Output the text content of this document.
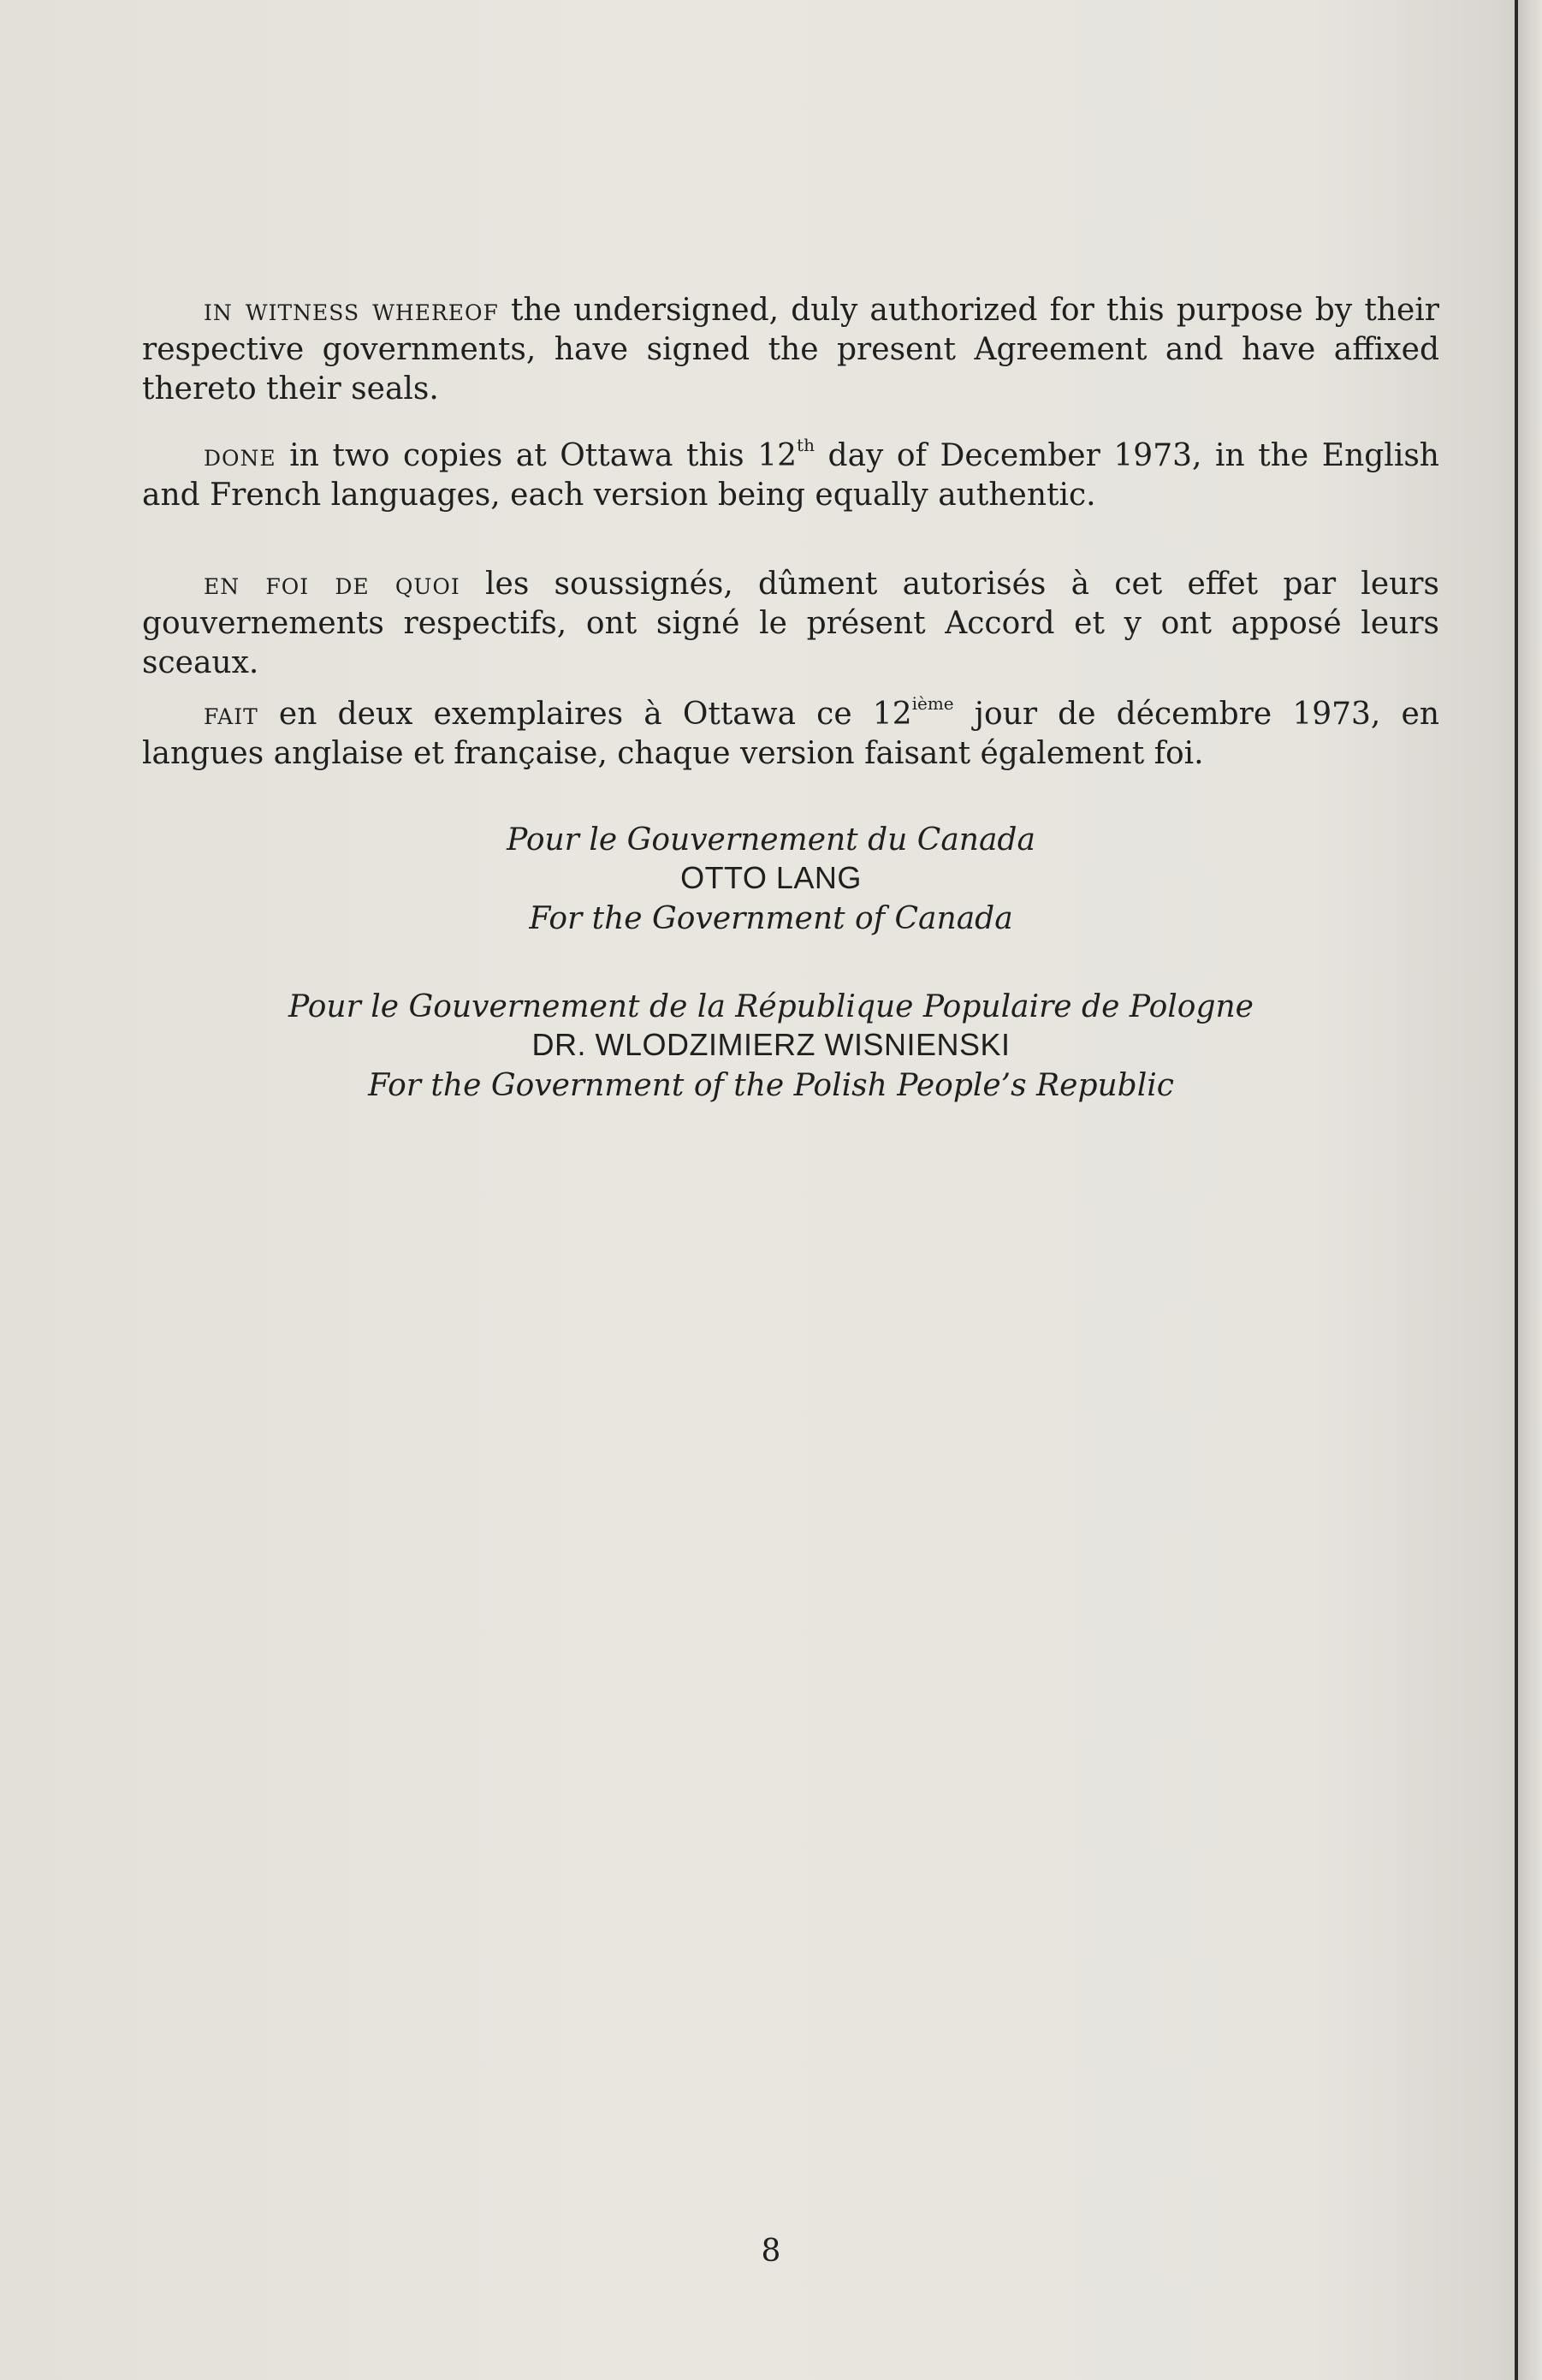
in witness whereof the undersigned, duly authorized for this purpose by their respective governments, have signed the present Agreement and have affixed thereto their seals.

done in two copies at Ottawa this 12th day of December 1973, in the English and French languages, each version being equally authentic.

en foi de quoi les soussignés, dûment autorisés à cet effet par leurs gouvernements respectifs, ont signé le présent Accord et y ont apposé leurs sceaux.

fait en deux exemplaires à Ottawa ce 12ième jour de décembre 1973, en langues anglaise et française, chaque version faisant également foi.

Pour le Gouvernement du Canada
OTTO LANG
For the Government of Canada
Pour le Gouvernement de la République Populaire de Pologne
DR. WLODZIMIERZ WISNIENSKI
For the Government of the Polish People’s Republic
8
